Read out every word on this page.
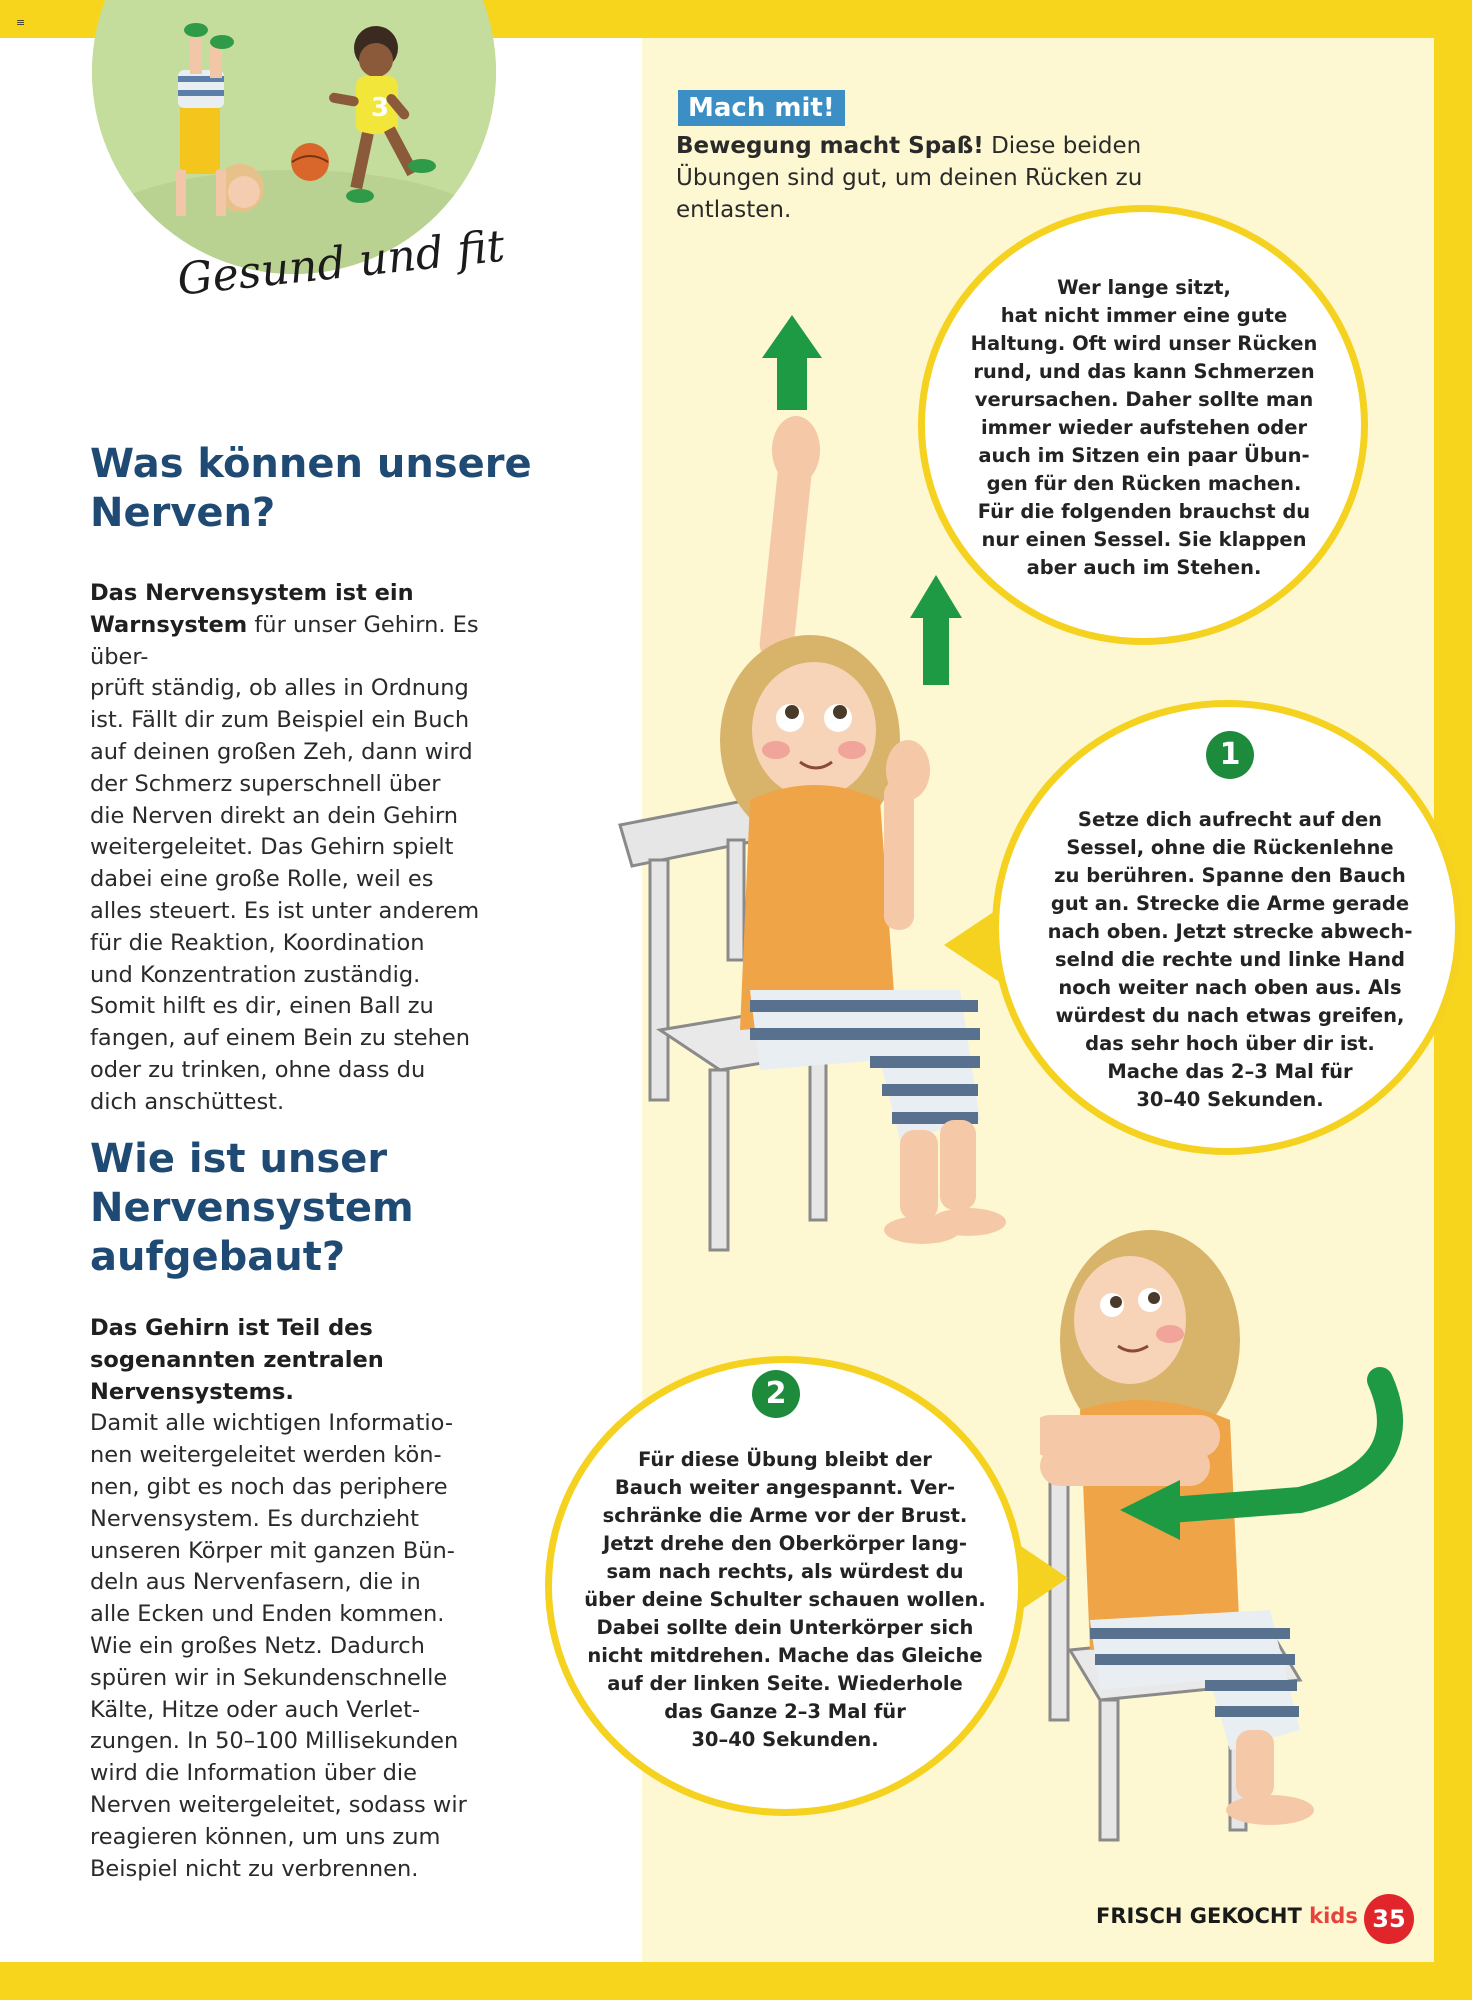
≡
3
Gesund und fit
Was können unsere Nerven?
Das Nervensystem ist ein Warnsystem für unser Gehirn. Es über-
prüft ständig, ob alles in Ordnung
ist. Fällt dir zum Beispiel ein Buch
auf deinen großen Zeh, dann wird
der Schmerz superschnell über
die Nerven direkt an dein Gehirn
weitergeleitet. Das Gehirn spielt
dabei eine große Rolle, weil es
alles steuert. Es ist unter anderem
für die Reaktion, Koordination
und Konzentration zuständig.
Somit hilft es dir, einen Ball zu
fangen, auf einem Bein zu stehen
oder zu trinken, ohne dass du
dich anschüttest.
Wie ist unser Nervensystem aufgebaut?
Das Gehirn ist Teil des sogenannten zentralen Nervensystems.
Damit alle wichtigen Informatio-
nen weitergeleitet werden kön-
nen, gibt es noch das periphere
Nervensystem. Es durchzieht
unseren Körper mit ganzen Bün-
deln aus Nervenfasern, die in
alle Ecken und Enden kommen.
Wie ein großes Netz. Dadurch
spüren wir in Sekundenschnelle
Kälte, Hitze oder auch Verlet-
zungen. In 50–100 Millisekunden
wird die Information über die
Nerven weitergeleitet, sodass wir
reagieren können, um uns zum
Beispiel nicht zu verbrennen.
Mach mit!
Bewegung macht Spaß! Diese beiden Übungen sind gut, um deinen Rücken zu entlasten.
Wer lange sitzt,
hat nicht immer eine gute
Haltung. Oft wird unser Rücken
rund, und das kann Schmerzen
verursachen. Daher sollte man
immer wieder aufstehen oder
auch im Sitzen ein paar Übun-
gen für den Rücken machen.
Für die folgenden brauchst du
nur einen Sessel. Sie klappen
aber auch im Stehen.
1
Setze dich aufrecht auf den
Sessel, ohne die Rückenlehne
zu berühren. Spanne den Bauch
gut an. Strecke die Arme gerade
nach oben. Jetzt strecke abwech-
selnd die rechte und linke Hand
noch weiter nach oben aus. Als
würdest du nach etwas greifen,
das sehr hoch über dir ist.
Mache das 2–3 Mal für
30–40 Sekunden.
2
Für diese Übung bleibt der
Bauch weiter angespannt. Ver-
schränke die Arme vor der Brust.
Jetzt drehe den Oberkörper lang-
sam nach rechts, als würdest du
über deine Schulter schauen wollen.
Dabei sollte dein Unterkörper sich
nicht mitdrehen. Mache das Gleiche
auf der linken Seite. Wiederhole
das Ganze 2–3 Mal für
30–40 Sekunden.
FRISCH GEKOCHT kids 35
